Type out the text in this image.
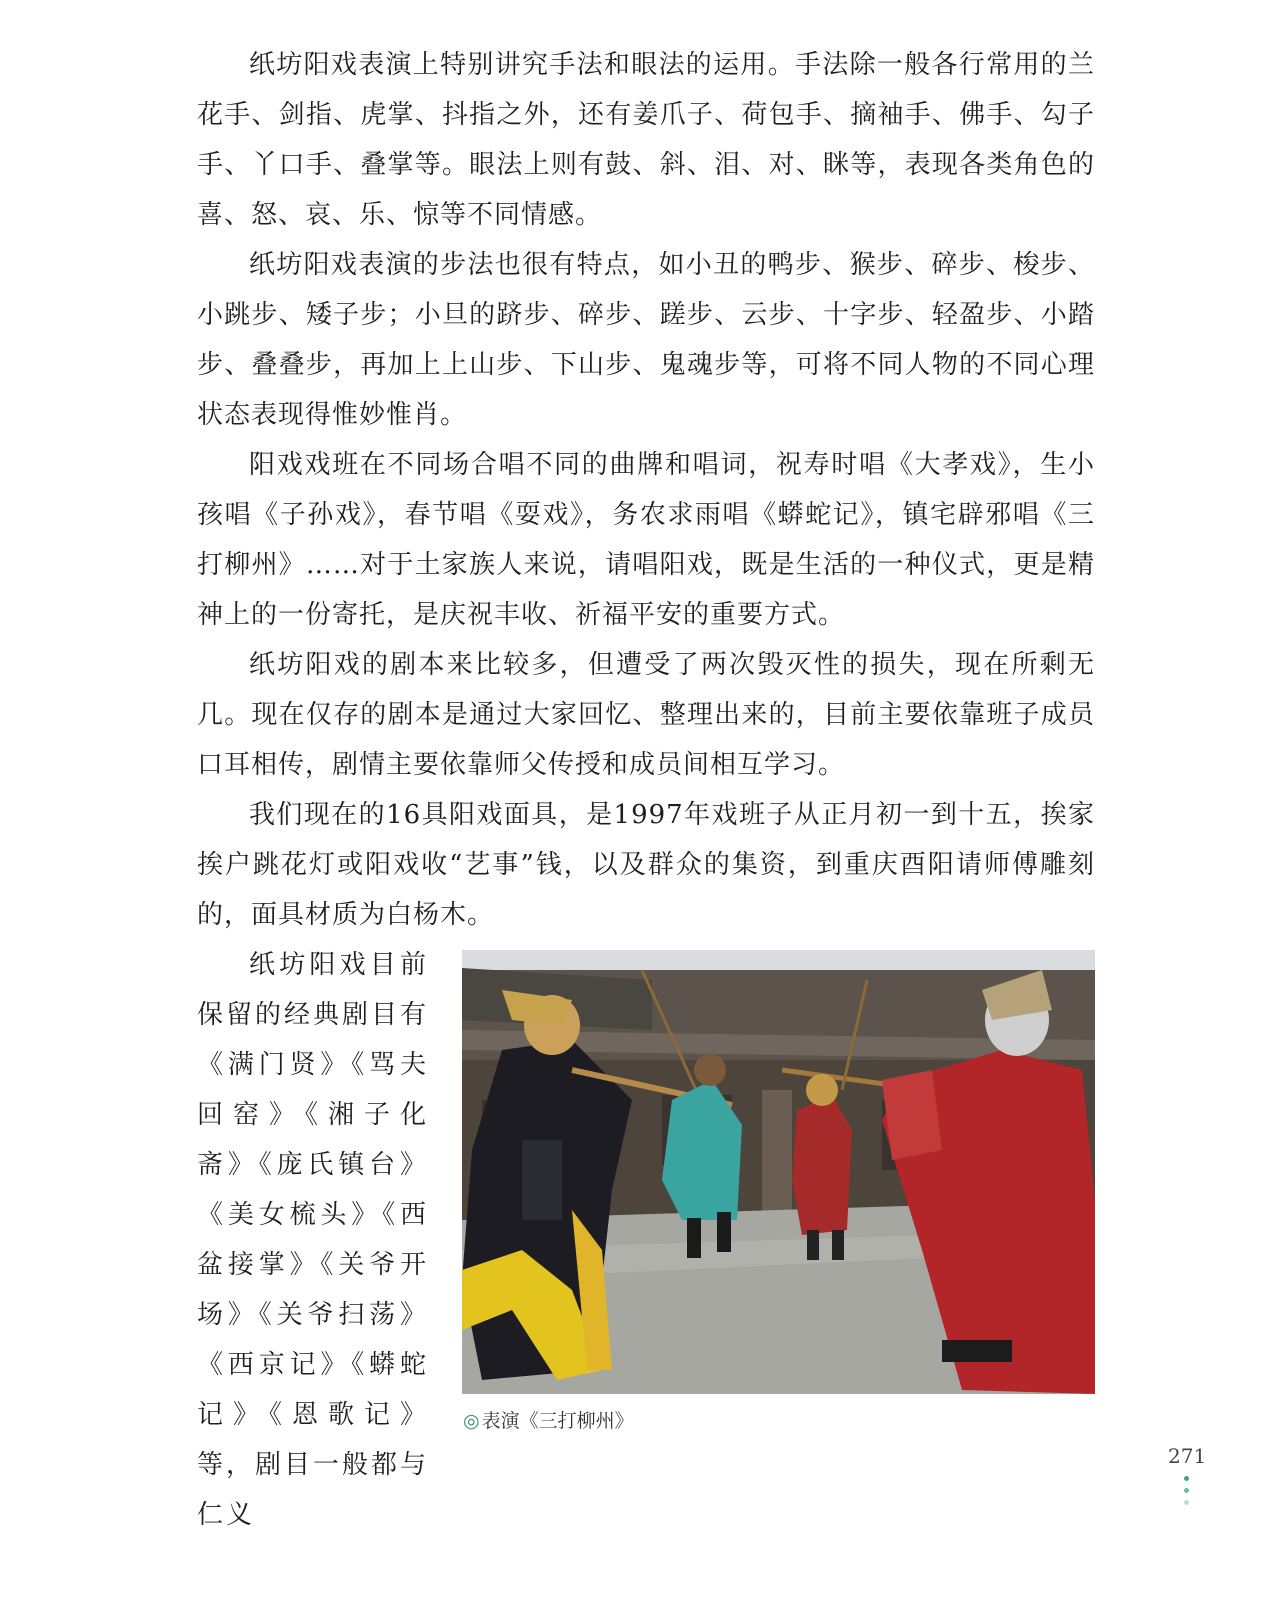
纸坊阳戏表演上特别讲究手法和眼法的运用。手法除一般各行常用的兰花手、剑指、虎掌、抖指之外，还有姜爪子、荷包手、摘袖手、佛手、勾子手、丫口手、叠掌等。眼法上则有鼓、斜、泪、对、眯等，表现各类角色的喜、怒、哀、乐、惊等不同情感。

纸坊阳戏表演的步法也很有特点，如小丑的鸭步、猴步、碎步、梭步、小跳步、矮子步；小旦的跻步、碎步、蹉步、云步、十字步、轻盈步、小踏步、叠叠步，再加上上山步、下山步、鬼魂步等，可将不同人物的不同心理状态表现得惟妙惟肖。

阳戏戏班在不同场合唱不同的曲牌和唱词，祝寿时唱《大孝戏》，生小孩唱《子孙戏》，春节唱《耍戏》，务农求雨唱《蟒蛇记》，镇宅辟邪唱《三打柳州》……对于土家族人来说，请唱阳戏，既是生活的一种仪式，更是精神上的一份寄托，是庆祝丰收、祈福平安的重要方式。

纸坊阳戏的剧本来比较多，但遭受了两次毁灭性的损失，现在所剩无几。现在仅存的剧本是通过大家回忆、整理出来的，目前主要依靠班子成员口耳相传，剧情主要依靠师父传授和成员间相互学习。

我们现在的16具阳戏面具，是1997年戏班子从正月初一到十五，挨家挨户跳花灯或阳戏收“艺事”钱，以及群众的集资，到重庆酉阳请师傅雕刻的，面具材质为白杨木。

纸坊阳戏目前保留的经典剧目有《满门贤》《骂夫回窑》《湘子化斋》《庞氏镇台》《美女梳头》《西盆接掌》《关爷开场》《关爷扫荡》《西京记》《蟒蛇记》《恩歌记》等，剧目一般都与仁义

◎ 表演《三打柳州》
271
